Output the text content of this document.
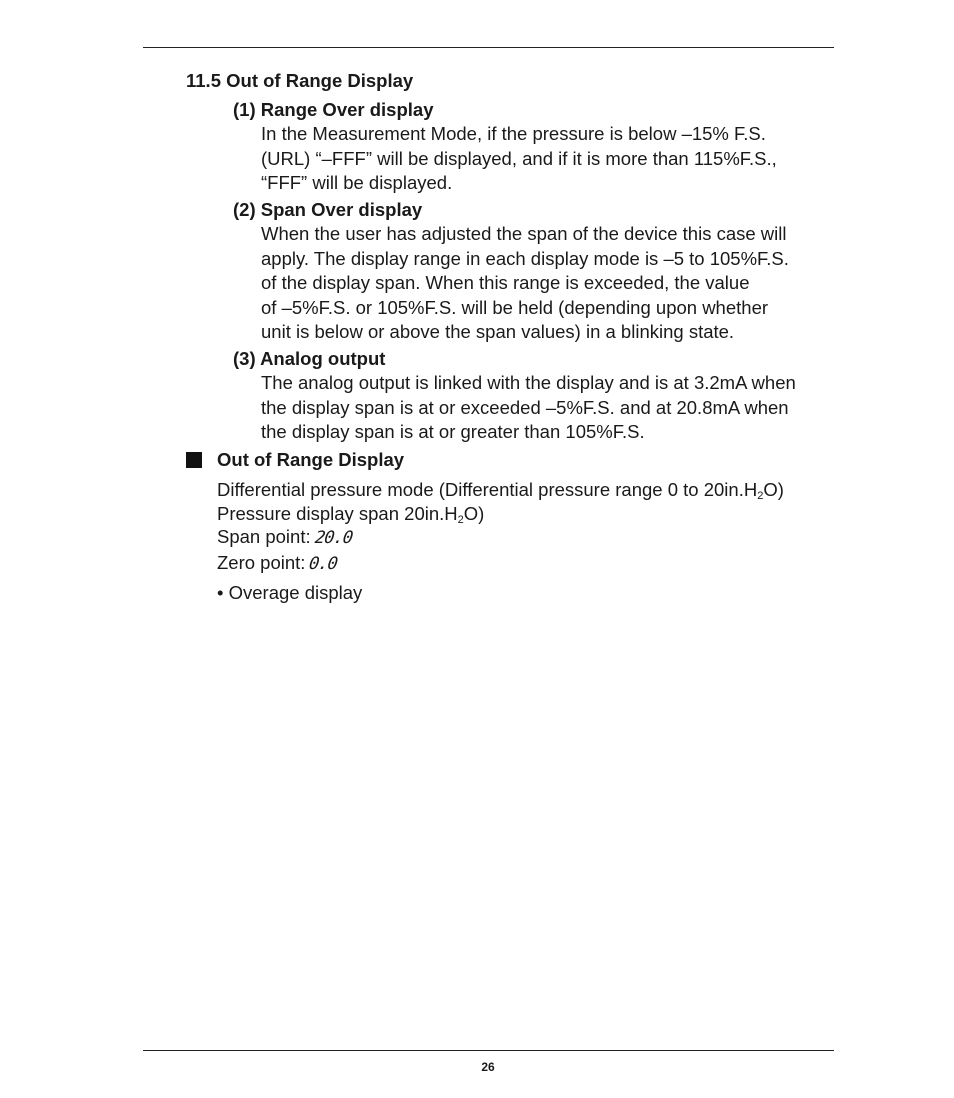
11.5 Out of Range Display
(1) Range Over display
In the Measurement Mode, if the pressure is below –15% F.S.
(URL) “–FFF” will be displayed, and if it is more than 115%F.S.,
“FFF” will be displayed.
(2) Span Over display
When the user has adjusted the span of the device this case will
apply. The display range in each display mode is –5 to 105%F.S.
of the display span. When this range is exceeded, the value
of –5%F.S. or 105%F.S. will be held (depending upon whether
unit is below or above the span values) in a blinking state.
(3) Analog output
The analog output is linked with the display and is at 3.2mA when
the display span is at or exceeded –5%F.S. and at 20.8mA when
the display span is at or greater than 105%F.S.
Out of Range Display
Differential pressure mode (Differential pressure range 0 to $20in.H_2O$)
Pressure display span $20in.H_2O$)
Span point: 20.0
Zero point: 0.0
• Overage display
26
